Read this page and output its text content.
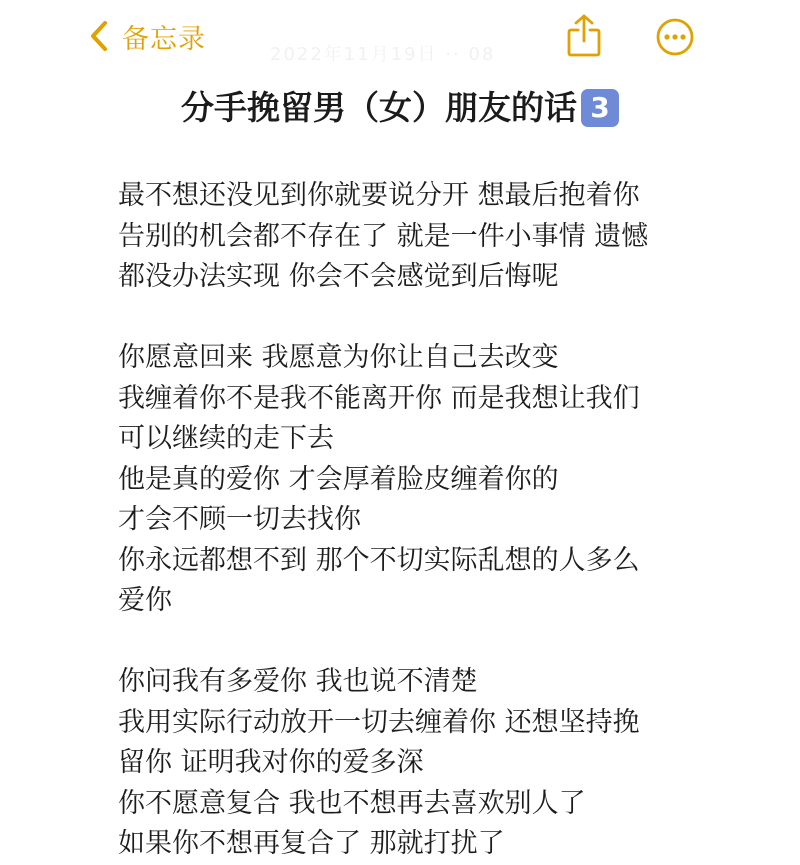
备忘录	2022年11月19日 ·· 08
分手挽留男（女）朋友的话 3
最不想还没见到你就要说分开 想最后抱着你
告别的机会都不存在了 就是一件小事情 遗憾
都没办法实现 你会不会感觉到后悔呢
你愿意回来 我愿意为你让自己去改变
我缠着你不是我不能离开你 而是我想让我们
可以继续的走下去
他是真的爱你 才会厚着脸皮缠着你的
才会不顾一切去找你
你永远都想不到 那个不切实际乱想的人多么
爱你
你问我有多爱你 我也说不清楚
我用实际行动放开一切去缠着你 还想坚持挽
留你 证明我对你的爱多深
你不愿意复合 我也不想再去喜欢别人了
如果你不想再复合了 那就打扰了
